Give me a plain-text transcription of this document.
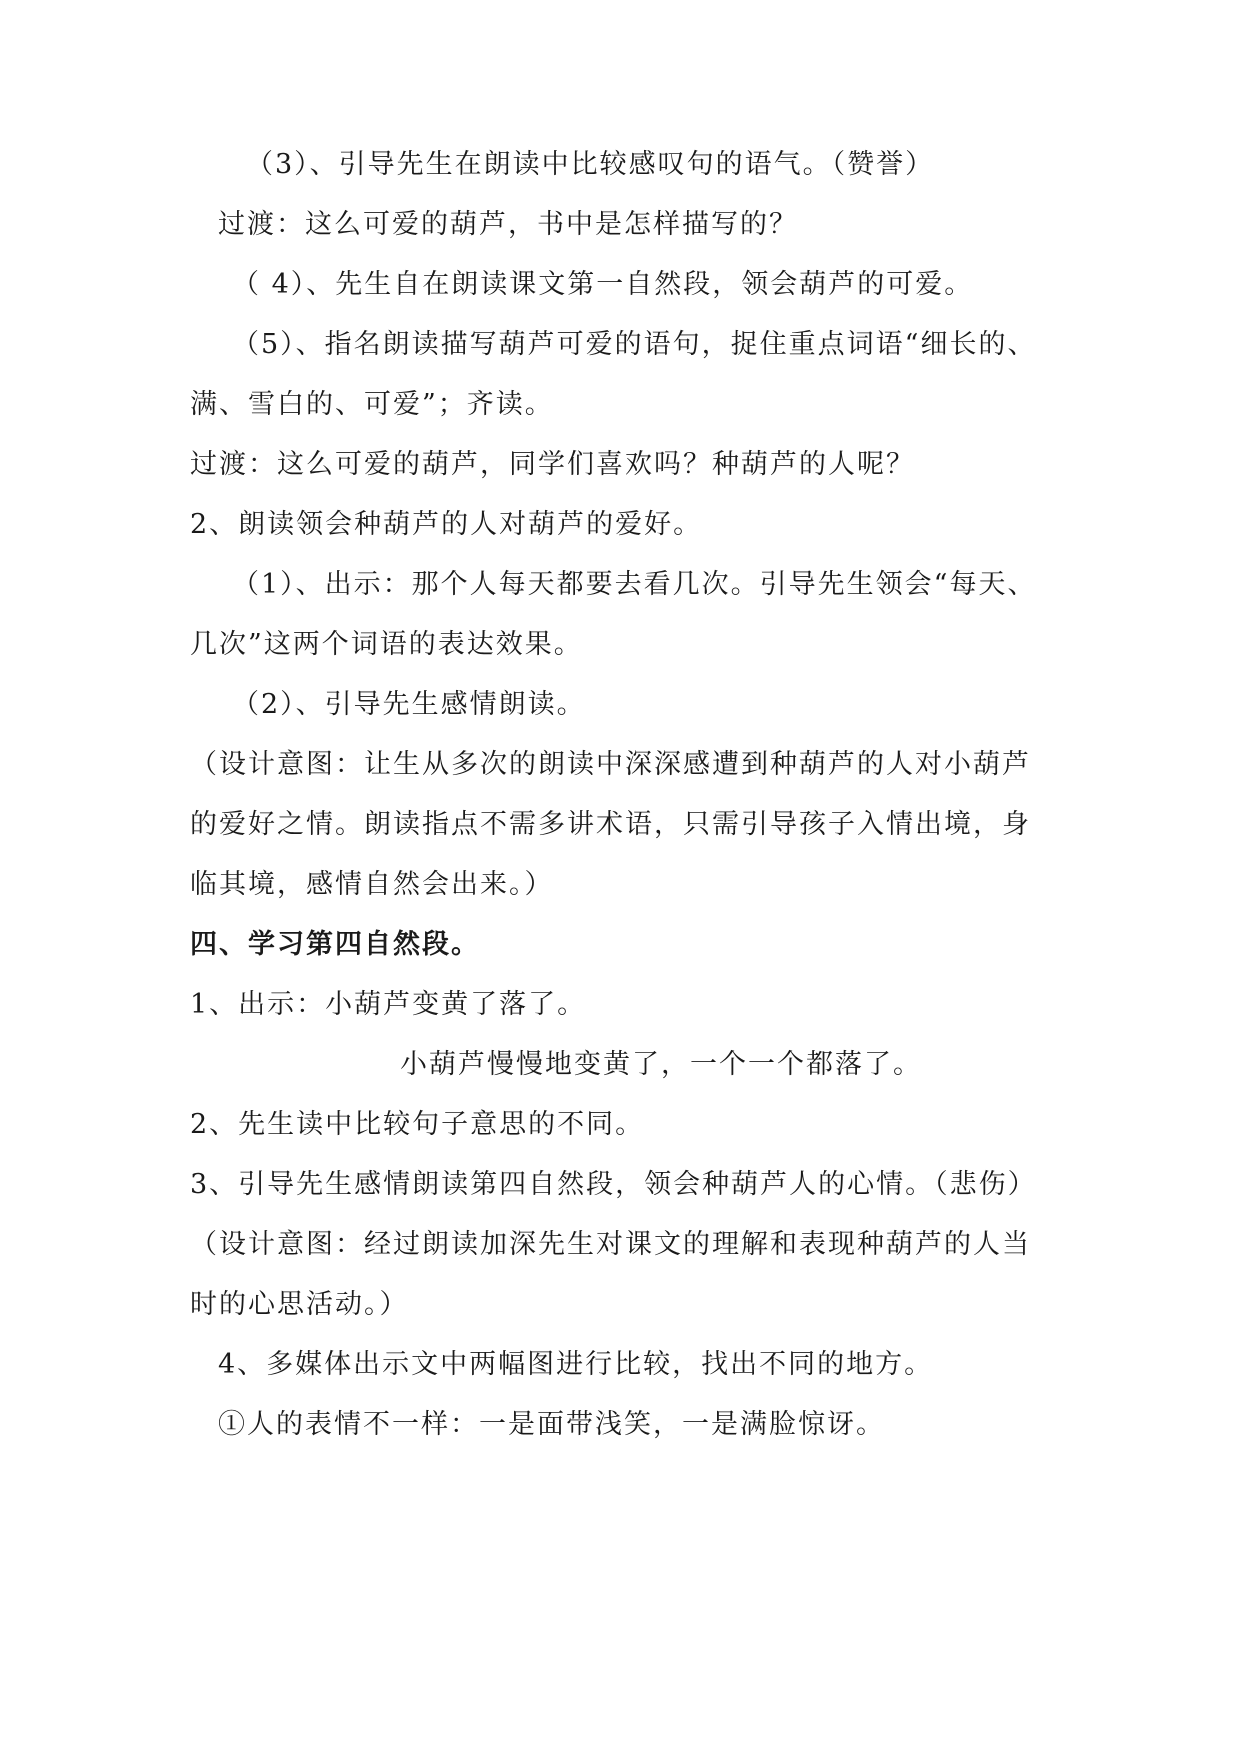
（3）、引导先生在朗读中比较感叹句的语气。（赞誉）
过渡：这么可爱的葫芦，书中是怎样描写的？
（ 4）、先生自在朗读课文第一自然段，领会葫芦的可爱。
（5）、指名朗读描写葫芦可爱的语句，捉住重点词语“细长的、
满、雪白的、可爱”；齐读。
过渡：这么可爱的葫芦，同学们喜欢吗？种葫芦的人呢？
2、朗读领会种葫芦的人对葫芦的爱好。
（1）、出示：那个人每天都要去看几次。引导先生领会“每天、
几次”这两个词语的表达效果。
（2）、引导先生感情朗读。
（设计意图：让生从多次的朗读中深深感遭到种葫芦的人对小葫芦
的爱好之情。朗读指点不需多讲术语，只需引导孩子入情出境，身
临其境，感情自然会出来。）
四、学习第四自然段。
1、出示：小葫芦变黄了落了。
小葫芦慢慢地变黄了，一个一个都落了。
2、先生读中比较句子意思的不同。
3、引导先生感情朗读第四自然段，领会种葫芦人的心情。（悲伤）
（设计意图：经过朗读加深先生对课文的理解和表现种葫芦的人当
时的心思活动。）
4、多媒体出示文中两幅图进行比较，找出不同的地方。
①人的表情不一样：一是面带浅笑，一是满脸惊讶。
